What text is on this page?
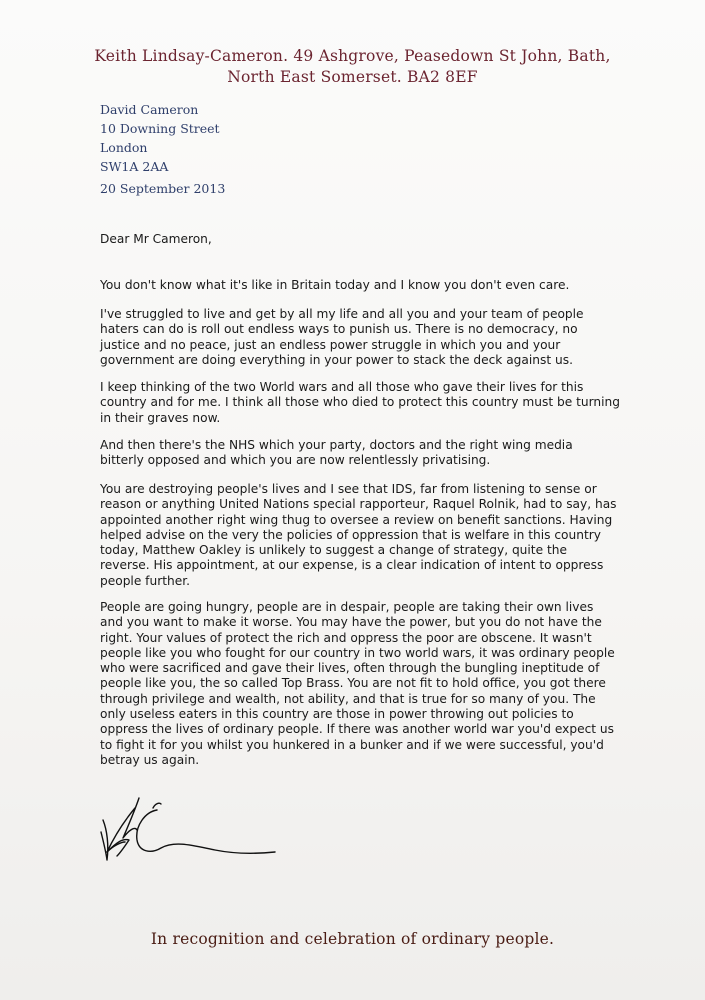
Keith Lindsay-Cameron. 49 Ashgrove, Peasedown St John, Bath,
North East Somerset. BA2 8EF
David Cameron
10 Downing Street
London
SW1A 2AA
20 September 2013
Dear Mr Cameron,
You don't know what it's like in Britain today and I know you don't even care.
I've struggled to live and get by all my life and all you and your team of people haters can do is roll out endless ways to punish us. There is no democracy, no justice and no peace, just an endless power struggle in which you and your government are doing everything in your power to stack the deck against us.
I keep thinking of the two World wars and all those who gave their lives for this country and for me. I think all those who died to protect this country must be turning in their graves now.
And then there's the NHS which your party, doctors and the right wing media bitterly opposed and which you are now relentlessly privatising.
You are destroying people's lives and I see that IDS, far from listening to sense or reason or anything United Nations special rapporteur, Raquel Rolnik, had to say, has appointed another right wing thug to oversee a review on benefit sanctions. Having helped advise on the very the policies of oppression that is welfare in this country today, Matthew Oakley is unlikely to suggest a change of strategy, quite the reverse. His appointment, at our expense, is a clear indication of intent to oppress people further.
People are going hungry, people are in despair, people are taking their own lives and you want to make it worse. You may have the power, but you do not have the right. Your values of protect the rich and oppress the poor are obscene. It wasn't people like you who fought for our country in two world wars, it was ordinary people who were sacrificed and gave their lives, often through the bungling ineptitude of people like you, the so called Top Brass. You are not fit to hold office, you got there through privilege and wealth, not ability, and that is true for so many of you. The only useless eaters in this country are those in power throwing out policies to oppress the lives of ordinary people. If there was another world war you'd expect us to fight it for you whilst you hunkered in a bunker and if we were successful, you'd betray us again.
In recognition and celebration of ordinary people.
